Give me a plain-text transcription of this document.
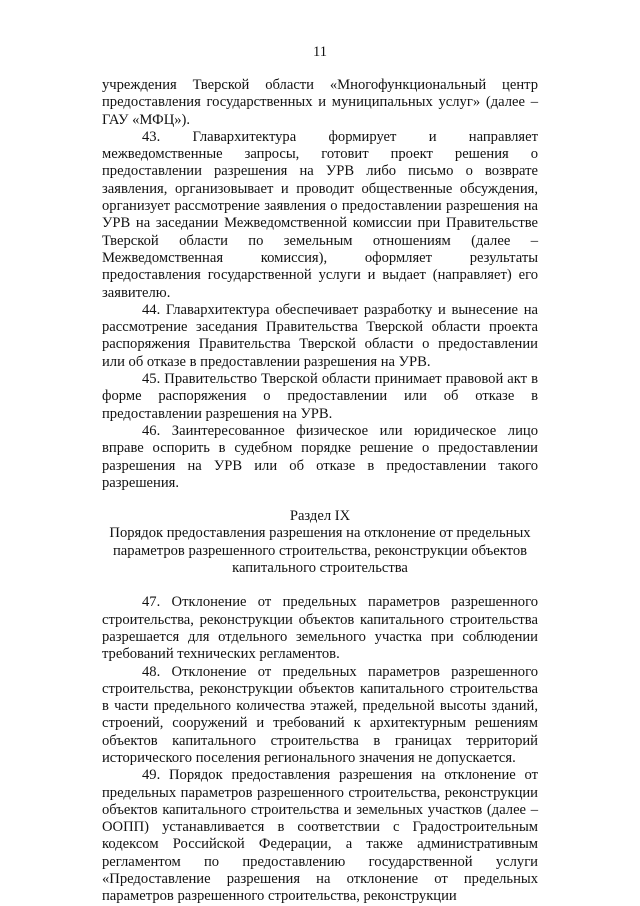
11

учреждения Тверской области «Многофункциональный центр предоставления государственных и муниципальных услуг» (далее – ГАУ «МФЦ»).

43. Главархитектура формирует и направляет межведомственные запросы, готовит проект решения о предоставлении разрешения на УРВ либо письмо о возврате заявления, организовывает и проводит общественные обсуждения, организует рассмотрение заявления о предоставлении разрешения на УРВ на заседании Межведомственной комиссии при Правительстве Тверской области по земельным отношениям (далее – Межведомственная комиссия), оформляет результаты предоставления государственной услуги и выдает (направляет) его заявителю.

44. Главархитектура обеспечивает разработку и вынесение на рассмотрение заседания Правительства Тверской области проекта распоряжения Правительства Тверской области о предоставлении или об отказе в предоставлении разрешения на УРВ.

45. Правительство Тверской области принимает правовой акт в форме распоряжения о предоставлении или об отказе в предоставлении разрешения на УРВ.

46. Заинтересованное физическое или юридическое лицо вправе оспорить в судебном порядке решение о предоставлении разрешения на УРВ или об отказе в предоставлении такого разрешения.

Раздел IX

Порядок предоставления разрешения на отклонение от предельных параметров разрешенного строительства, реконструкции объектов капитального строительства

47. Отклонение от предельных параметров разрешенного строительства, реконструкции объектов капитального строительства разрешается для отдельного земельного участка при соблюдении требований технических регламентов.

48. Отклонение от предельных параметров разрешенного строительства, реконструкции объектов капитального строительства в части предельного количества этажей, предельной высоты зданий, строений, сооружений и требований к архитектурным решениям объектов капитального строительства в границах территорий исторического поселения регионального значения не допускается.

49. Порядок предоставления разрешения на отклонение от предельных параметров разрешенного строительства, реконструкции объектов капитального строительства и земельных участков (далее – ООПП) устанавливается в соответствии с Градостроительным кодексом Российской Федерации, а также административным регламентом по предоставлению государственной услуги «Предоставление разрешения на отклонение от предельных параметров разрешенного строительства, реконструкции
